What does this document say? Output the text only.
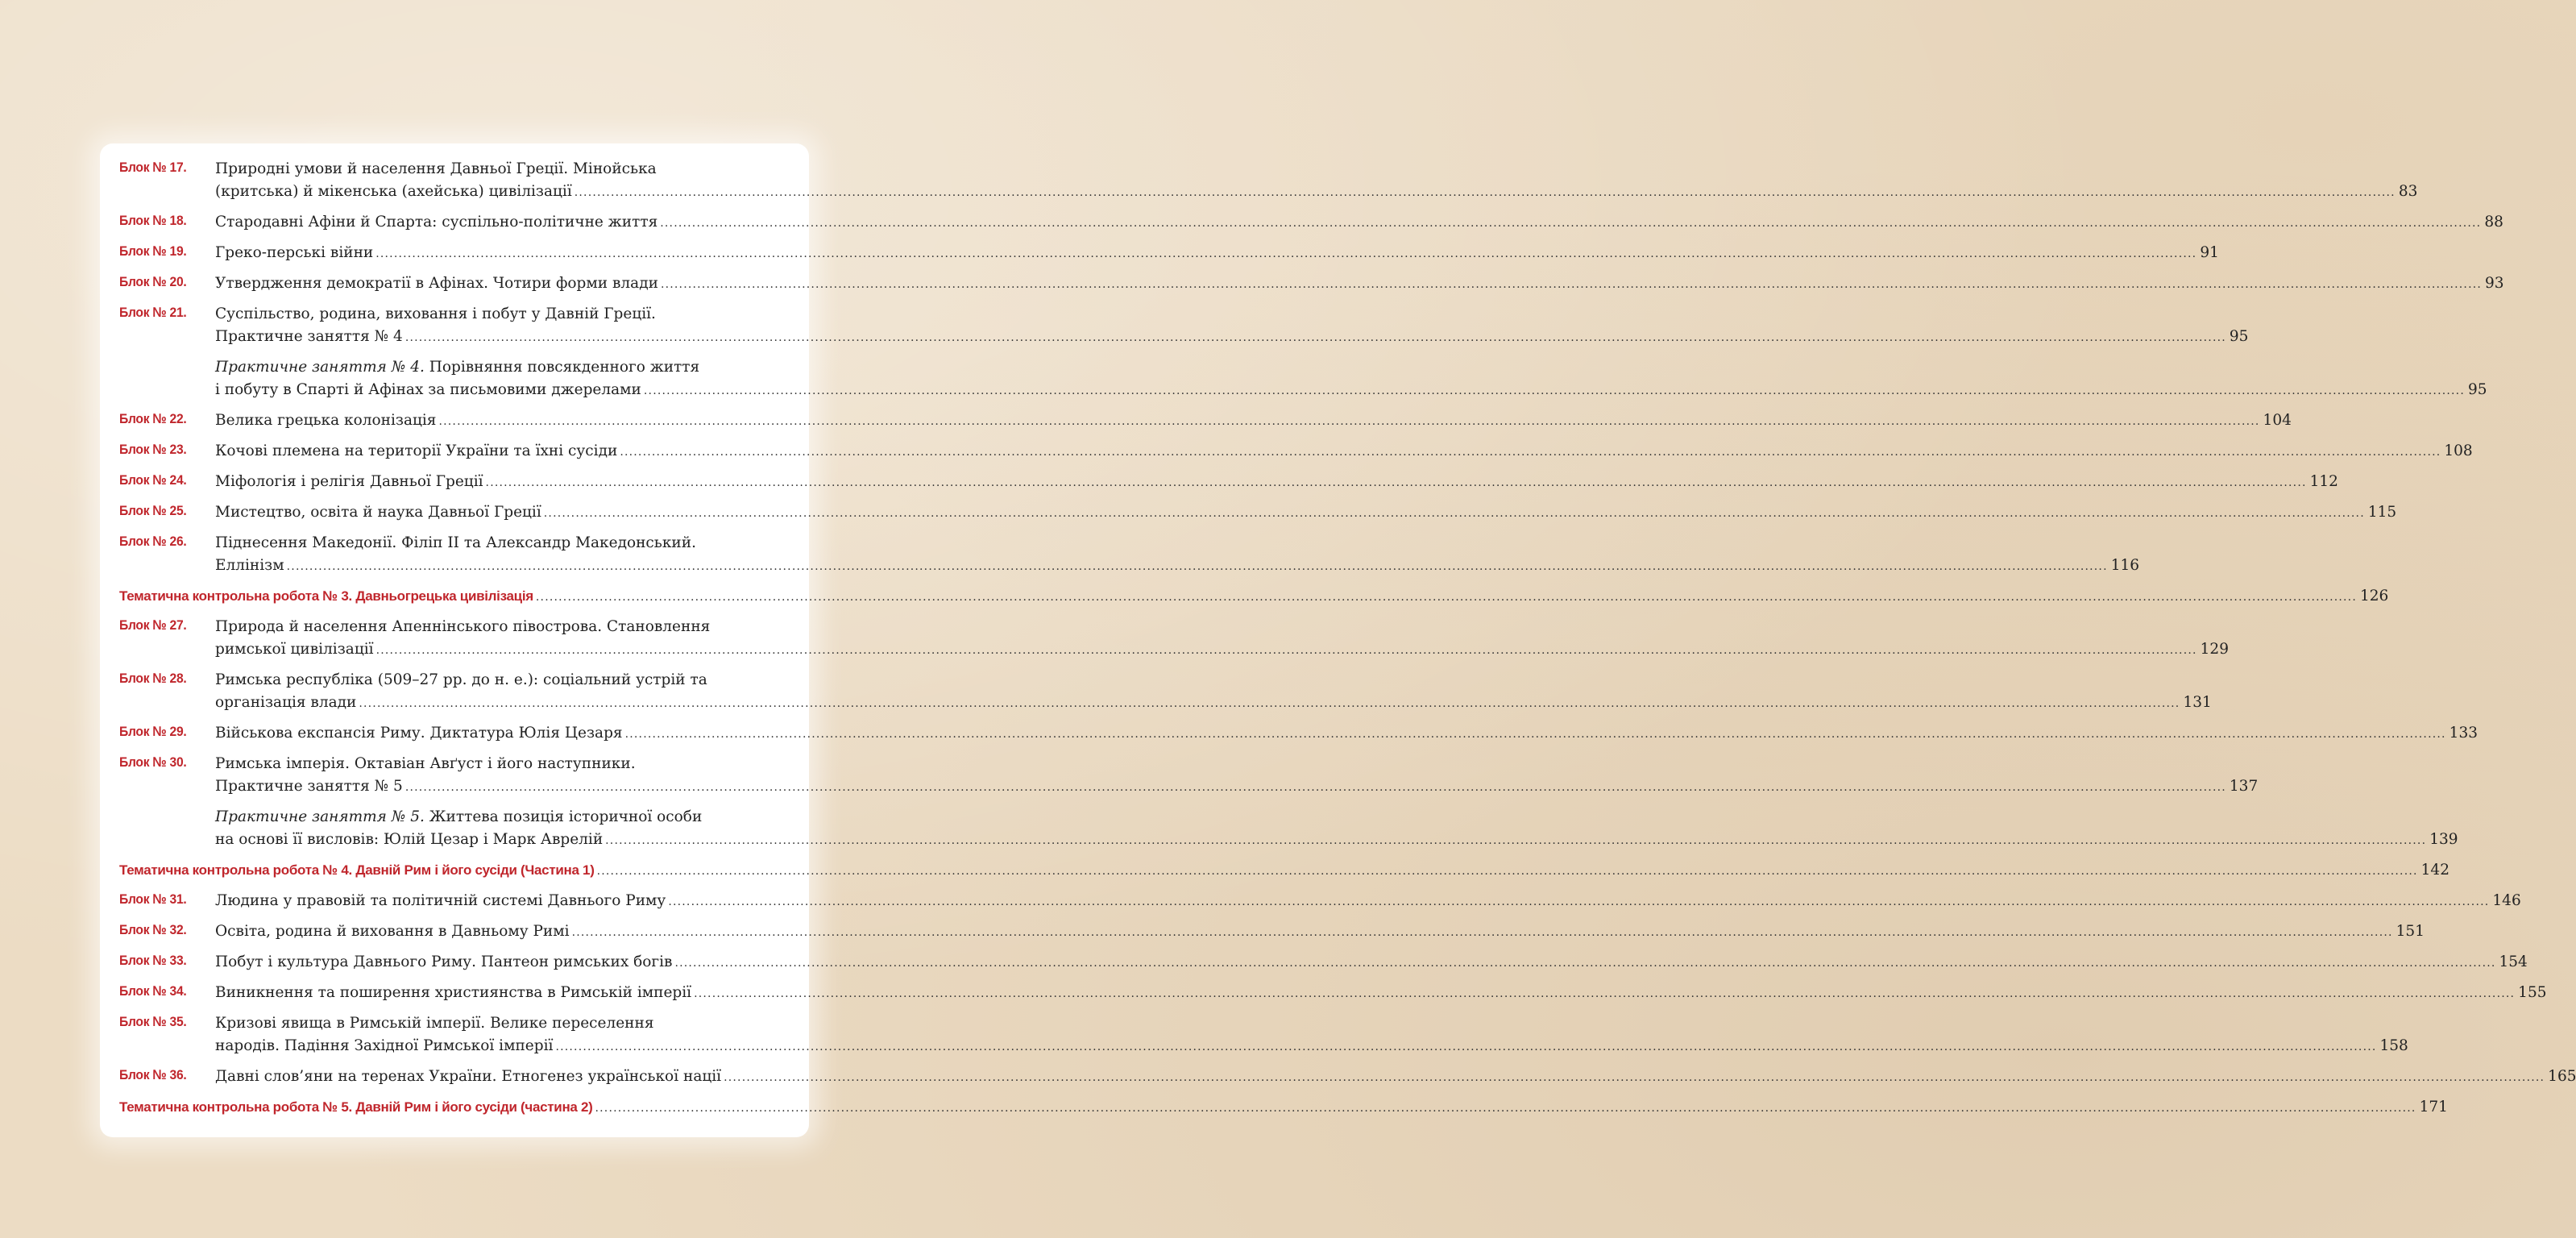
Блок № 17. Природні умови й населення Давньої Греції. Мінойська
(критська) й мікенська (ахейська) цивілізації ................................................................................................................................................................................................................................................................................................................................................................................................................ 83
Блок № 18. Стародавні Афіни й Спарта: суспільно-політичне життя ................................................................................................................................................................................................................................................................................................................................................................................................................ 88
Блок № 19. Греко-перські війни ................................................................................................................................................................................................................................................................................................................................................................................................................ 91
Блок № 20. Утвердження демократії в Афінах. Чотири форми влади ................................................................................................................................................................................................................................................................................................................................................................................................................ 93
Блок № 21. Суспільство, родина, виховання і побут у Давній Греції.
Практичне заняття № 4 ................................................................................................................................................................................................................................................................................................................................................................................................................ 95
Практичне заняття № 4. Порівняння повсякденного життя
і побуту в Спарті й Афінах за письмовими джерелами ................................................................................................................................................................................................................................................................................................................................................................................................................ 95
Блок № 22. Велика грецька колонізація ................................................................................................................................................................................................................................................................................................................................................................................................................ 104
Блок № 23. Кочові племена на території України та їхні сусіди ................................................................................................................................................................................................................................................................................................................................................................................................................ 108
Блок № 24. Міфологія і релігія Давньої Греції ................................................................................................................................................................................................................................................................................................................................................................................................................ 112
Блок № 25. Мистецтво, освіта й наука Давньої Греції ................................................................................................................................................................................................................................................................................................................................................................................................................ 115
Блок № 26. Піднесення Македонії. Філіп ІІ та Александр Македонський.
Еллінізм ................................................................................................................................................................................................................................................................................................................................................................................................................ 116
Тематична контрольна робота № 3. Давньогрецька цивілізація ................................................................................................................................................................................................................................................................................................................................................................................................................ 126
Блок № 27. Природа й населення Апеннінського півострова. Становлення
римської цивілізації ................................................................................................................................................................................................................................................................................................................................................................................................................ 129
Блок № 28. Римська республіка (509–27 рр. до н. е.): соціальний устрій та
організація влади ................................................................................................................................................................................................................................................................................................................................................................................................................ 131
Блок № 29. Військова експансія Риму. Диктатура Юлія Цезаря ................................................................................................................................................................................................................................................................................................................................................................................................................ 133
Блок № 30. Римська імперія. Октавіан Авґуст і його наступники.
Практичне заняття № 5 ................................................................................................................................................................................................................................................................................................................................................................................................................ 137
Практичне заняття № 5. Життева позиція історичної особи
на основі її висловів: Юлій Цезар і Марк Аврелій ................................................................................................................................................................................................................................................................................................................................................................................................................ 139
Тематична контрольна робота № 4. Давній Рим і його сусіди (Частина 1) ................................................................................................................................................................................................................................................................................................................................................................................................................ 142
Блок № 31. Людина у правовій та політичній системі Давнього Риму ................................................................................................................................................................................................................................................................................................................................................................................................................ 146
Блок № 32. Освіта, родина й виховання в Давньому Римі ................................................................................................................................................................................................................................................................................................................................................................................................................ 151
Блок № 33. Побут і культура Давнього Риму. Пантеон римських богів ................................................................................................................................................................................................................................................................................................................................................................................................................ 154
Блок № 34. Виникнення та поширення християнства в Римській імперії ................................................................................................................................................................................................................................................................................................................................................................................................................ 155
Блок № 35. Кризові явища в Римській імперії. Велике переселення
народів. Падіння Західної Римської імперії ................................................................................................................................................................................................................................................................................................................................................................................................................ 158
Блок № 36. Давні слов’яни на теренах України. Етногенез української нації ................................................................................................................................................................................................................................................................................................................................................................................................................ 165
Тематична контрольна робота № 5. Давній Рим і його сусіди (частина 2) ................................................................................................................................................................................................................................................................................................................................................................................................................ 171
